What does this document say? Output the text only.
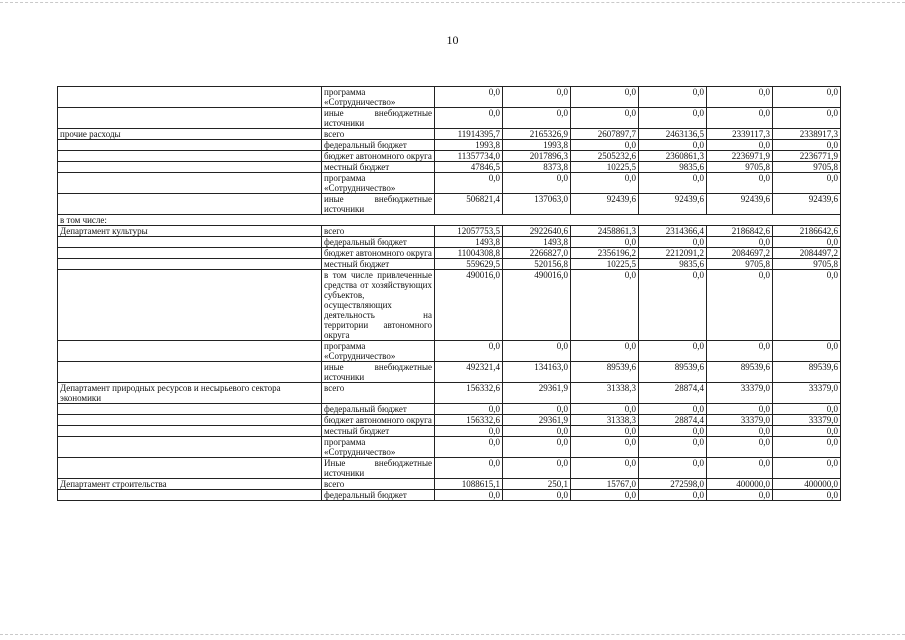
10
	программа «Сотрудничество»	0,0	0,0	0,0	0,0	0,0	0,0
	иные внебюджетные источники	0,0	0,0	0,0	0,0	0,0	0,0
прочие расходы	всего	11914395,7	2165326,9	2607897,7	2463136,5	2339117,3	2338917,3
	федеральный бюджет	1993,8	1993,8	0,0	0,0	0,0	0,0
	бюджет автономного округа	11357734,0	2017896,3	2505232,6	2360861,3	2236971,9	2236771,9
	местный бюджет	47846,5	8373,8	10225,5	9835,6	9705,8	9705,8
	программа «Сотрудничество»	0,0	0,0	0,0	0,0	0,0	0,0
	иные внебюджетные источники	506821,4	137063,0	92439,6	92439,6	92439,6	92439,6
в том числе:							
Департамент культуры	всего	12057753,5	2922640,6	2458861,3	2314366,4	2186842,6	2186642,6
	федеральный бюджет	1493,8	1493,8	0,0	0,0	0,0	0,0
	бюджет автономного округа	11004308,8	2266827,0	2356196,2	2212091,2	2084697,2	2084497,2
	местный бюджет	559629,5	520156,8	10225,5	9835,6	9705,8	9705,8
	в том числе привлеченные средства от хозяйствующих субъектов, осуществляющих деятельность на территории автономного округа	490016,0	490016,0	0,0	0,0	0,0	0,0
	программа «Сотрудничество»	0,0	0,0	0,0	0,0	0,0	0,0
	иные внебюджетные источники	492321,4	134163,0	89539,6	89539,6	89539,6	89539,6
Департамент природных ресурсов и несырьевого сектора экономики	всего	156332,6	29361,9	31338,3	28874,4	33379,0	33379,0
	федеральный бюджет	0,0	0,0	0,0	0,0	0,0	0,0
	бюджет автономного округа	156332,6	29361,9	31338,3	28874,4	33379,0	33379,0
	местный бюджет	0,0	0,0	0,0	0,0	0,0	0,0
	программа «Сотрудничество»	0,0	0,0	0,0	0,0	0,0	0,0
	Иные внебюджетные источники	0,0	0,0	0,0	0,0	0,0	0,0
Департамент строительства	всего	1088615,1	250,1	15767,0	272598,0	400000,0	400000,0
	федеральный бюджет	0,0	0,0	0,0	0,0	0,0	0,0
